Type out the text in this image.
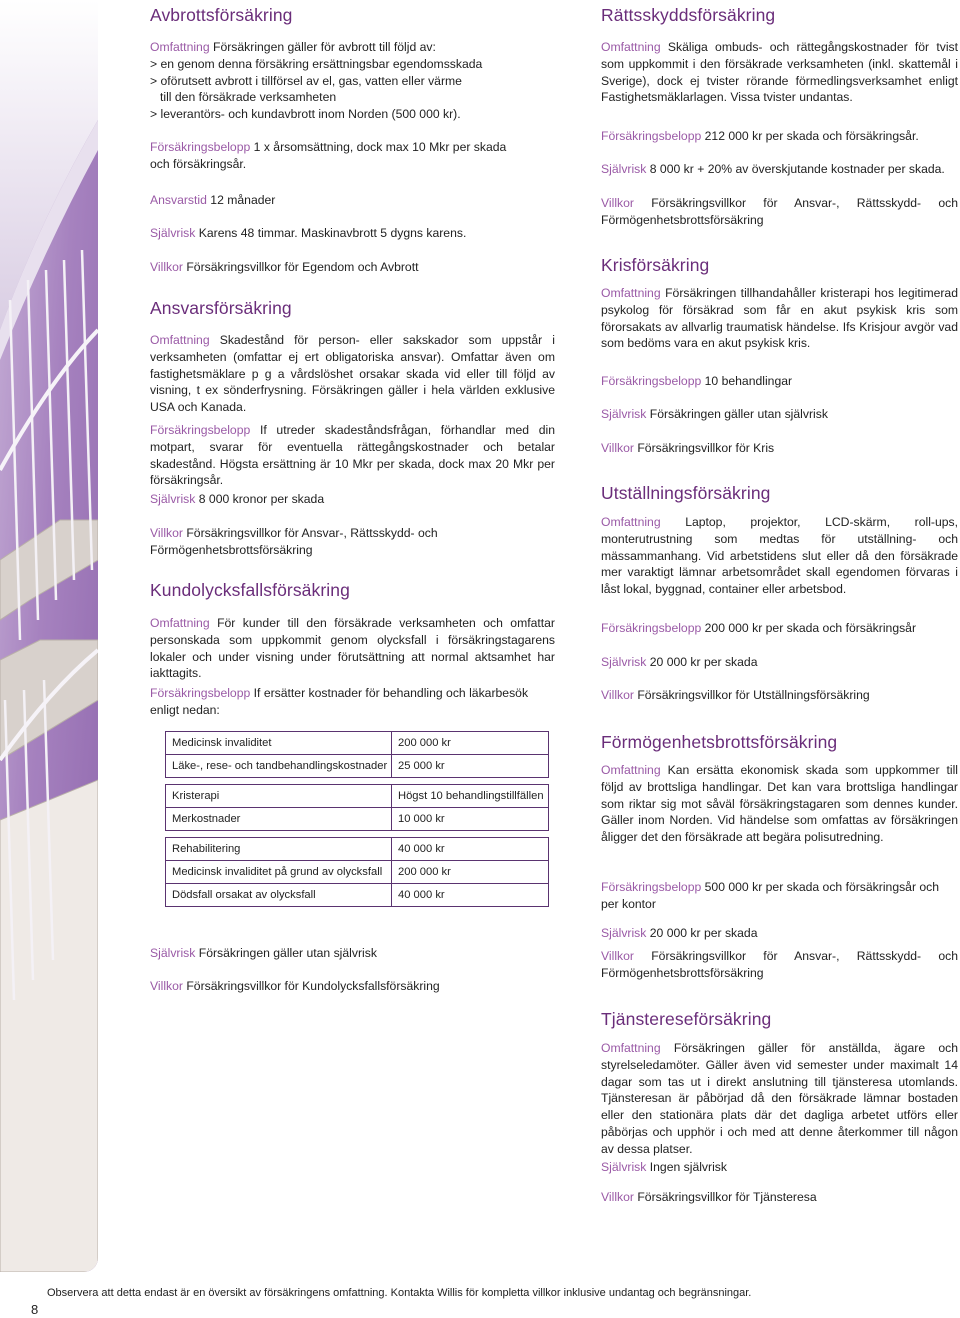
Avbrottsförsäkring

Omfattning Försäkringen gäller för avbrott till följd av:
> en genom denna försäkring ersättningsbar egendomsskada
> oförutsett avbrott i tillförsel av el, gas, vatten eller värme
till den försäkrade verksamheten
> leverantörs- och kundavbrott inom Norden (500 000 kr).

Försäkringsbelopp 1 x årsomsättning, dock max 10 Mkr per skada och försäkringsår.

Ansvarstid 12 månader

Självrisk Karens 48 timmar. Maskinavbrott 5 dygns karens.

Villkor Försäkringsvillkor för Egendom och Avbrott

Ansvarsförsäkring

Omfattning Skadestånd för person- eller sakskador som uppstår i verksamheten (omfattar ej ert obligatoriska ansvar). Omfattar även om fastighetsmäklare p g a vårdslöshet orsakar skada vid eller till följd av visning, t ex sönderfrysning. Försäkringen gäller i hela världen exklusive USA och Kanada.

Försäkringsbelopp If utreder skadeståndsfrågan, förhandlar med din motpart, svarar för eventuella rättegångskostnader och betalar skadestånd. Högsta ersättning är 10 Mkr per skada, dock max 20 Mkr per försäkringsår.

Självrisk 8 000 kronor per skada

Villkor Försäkringsvillkor för Ansvar-, Rättsskydd- och Förmögenhetsbrottsförsäkring

Kundolycksfallsförsäkring

Omfattning För kunder till den försäkrade verksamheten och omfattar personskada som uppkommit genom olycksfall i försäkringstagarens lokaler och under visning under förutsättning att normal aktsamhet har iakttagits.

Försäkringsbelopp If ersätter kostnader för behandling och läkarbesök enligt nedan:

Medicinsk invaliditet	200 000 kr
Läke-, rese- och tandbehandlingskostnader	25 000 kr

Kristerapi	Högst 10 behandlingstillfällen
Merkostnader	10 000 kr

Rehabilitering	40 000 kr
Medicinsk invaliditet på grund av olycksfall	200 000 kr
Dödsfall orsakat av olycksfall	40 000 kr

Självrisk Försäkringen gäller utan självrisk

Villkor Försäkringsvillkor för Kundolycksfallsförsäkring

Rättsskyddsförsäkring

Omfattning Skäliga ombuds- och rättegångskostnader för tvist som uppkommit i den försäkrade verksamheten (inkl. skattemål i Sverige), dock ej tvister rörande förmedlingsverksamhet enligt Fastighetsmäklarlagen. Vissa tvister undantas.

Försäkringsbelopp 212 000 kr per skada och försäkringsår.

Självrisk 8 000 kr + 20% av överskjutande kostnader per skada.

Villkor Försäkringsvillkor för Ansvar-, Rättsskydd- och Förmögenhetsbrottsförsäkring

Krisförsäkring

Omfattning Försäkringen tillhandahåller kristerapi hos legitimerad psykolog för försäkrad som får en akut psykisk kris som förorsakats av allvarlig traumatisk händelse. Ifs Krisjour avgör vad som bedöms vara en akut psykisk kris.

Försäkringsbelopp 10 behandlingar

Självrisk Försäkringen gäller utan självrisk

Villkor Försäkringsvillkor för Kris

Utställningsförsäkring

Omfattning Laptop, projektor, LCD-skärm, roll-ups, monterutrustning som medtas för utställning- och mässammanhang. Vid arbetstidens slut eller då den försäkrade mer varaktigt lämnar arbetsområdet skall egendomen förvaras i låst lokal, byggnad, container eller arbetsbod.

Försäkringsbelopp 200 000 kr per skada och försäkringsår

Självrisk 20 000 kr per skada

Villkor Försäkringsvillkor för Utställningsförsäkring

Förmögenhetsbrottsförsäkring

Omfattning Kan ersätta ekonomisk skada som uppkommer till följd av brottsliga handlingar. Det kan vara brottsliga handlingar som riktar sig mot såväl försäkringstagaren som dennes kunder. Gäller inom Norden. Vid händelse som omfattas av försäkringen åligger det den försäkrade att begära polisutredning.

Försäkringsbelopp 500 000 kr per skada och försäkringsår och per kontor

Självrisk 20 000 kr per skada

Villkor Försäkringsvillkor för Ansvar-, Rättsskydd- och Förmögenhetsbrottsförsäkring

Tjänstereseförsäkring

Omfattning Försäkringen gäller för anställda, ägare och styrelseledamöter. Gäller även vid semester under maximalt 14 dagar som tas ut i direkt anslutning till tjänsteresa utomlands. Tjänsteresan är påbörjad då den försäkrade lämnar bostaden eller den stationära plats där det dagliga arbetet utförs eller påbörjas och upphör i och med att denne återkommer till någon av dessa platser.

Självrisk Ingen självrisk

Villkor Försäkringsvillkor för Tjänsteresa

Observera att detta endast är en översikt av försäkringens omfattning. Kontakta Willis för kompletta villkor inklusive undantag och begränsningar.
8
